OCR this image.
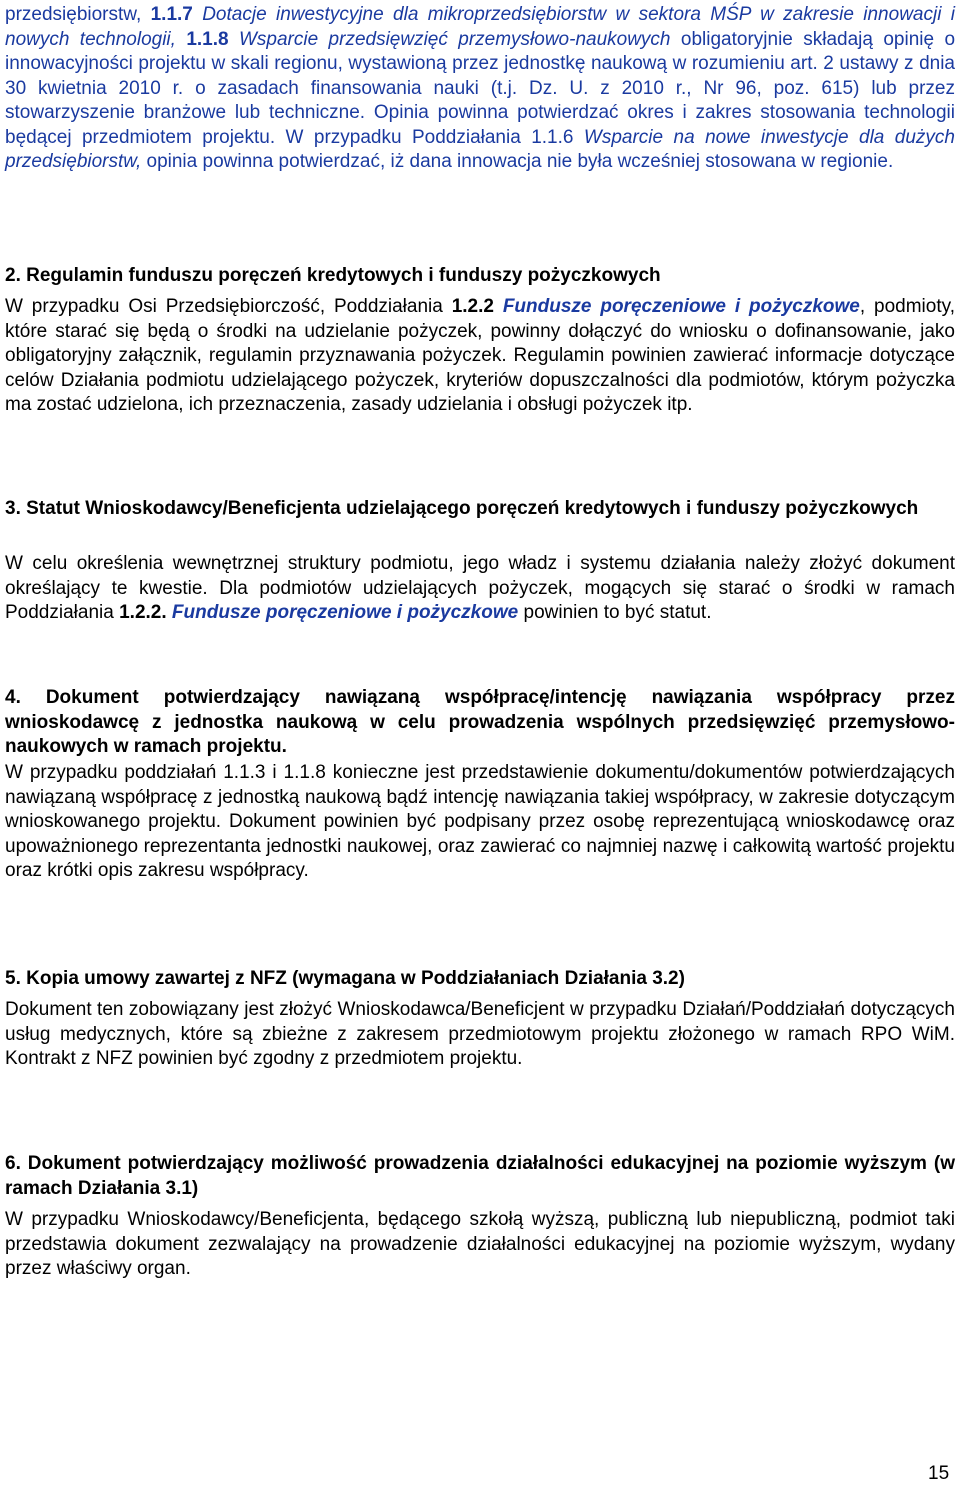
przedsiębiorstw, 1.1.7 Dotacje inwestycyjne dla mikroprzedsiębiorstw w sektora MŚP w zakresie innowacji i nowych technologii, 1.1.8 Wsparcie przedsięwzięć przemysłowo-naukowych obligatoryjnie składają opinię o innowacyjności projektu w skali regionu, wystawioną przez jednostkę naukową w rozumieniu art. 2 ustawy z dnia 30 kwietnia 2010 r. o zasadach finansowania nauki (t.j. Dz. U. z 2010 r., Nr 96, poz. 615) lub przez stowarzyszenie branżowe lub techniczne. Opinia powinna potwierdzać okres i zakres stosowania technologii będącej przedmiotem projektu. W przypadku Poddziałania 1.1.6 Wsparcie na nowe inwestycje dla dużych przedsiębiorstw, opinia powinna potwierdzać, iż dana innowacja nie była wcześniej stosowana w regionie.

2. Regulamin funduszu poręczeń kredytowych i funduszy pożyczkowych

W przypadku Osi Przedsiębiorczość, Poddziałania 1.2.2 Fundusze poręczeniowe i pożyczkowe, podmioty, które starać się będą o środki na udzielanie pożyczek, powinny dołączyć do wniosku o dofinansowanie, jako obligatoryjny załącznik, regulamin przyznawania pożyczek. Regulamin powinien zawierać informacje dotyczące celów Działania podmiotu udzielającego pożyczek, kryteriów dopuszczalności dla podmiotów, którym pożyczka ma zostać udzielona, ich przeznaczenia, zasady udzielania i obsługi pożyczek itp.

3. Statut Wnioskodawcy/Beneficjenta udzielającego poręczeń kredytowych i funduszy pożyczkowych

W celu określenia wewnętrznej struktury podmiotu, jego władz i systemu działania należy złożyć dokument określający te kwestie. Dla podmiotów udzielających pożyczek, mogących się starać o środki w ramach Poddziałania 1.2.2. Fundusze poręczeniowe i pożyczkowe powinien to być statut.

4. Dokument potwierdzający nawiązaną współpracę/intencję nawiązania współpracy przez wnioskodawcę z jednostka naukową w celu prowadzenia wspólnych przedsięwzięć przemysłowo-naukowych w ramach projektu.

W przypadku poddziałań 1.1.3 i 1.1.8 konieczne jest przedstawienie dokumentu/dokumentów potwierdzających nawiązaną współpracę z jednostką naukową bądź intencję nawiązania takiej współpracy, w zakresie dotyczącym wnioskowanego projektu. Dokument powinien być podpisany przez osobę reprezentującą wnioskodawcę oraz upoważnionego reprezentanta jednostki naukowej, oraz zawierać co najmniej nazwę i całkowitą wartość projektu oraz krótki opis zakresu współpracy.

5. Kopia umowy zawartej z NFZ (wymagana w Poddziałaniach Działania 3.2)

Dokument ten zobowiązany jest złożyć Wnioskodawca/Beneficjent w przypadku Działań/Poddziałań dotyczących usług medycznych, które są zbieżne z zakresem przedmiotowym projektu złożonego w ramach RPO WiM. Kontrakt z NFZ powinien być zgodny z przedmiotem projektu.

6. Dokument potwierdzający możliwość prowadzenia działalności edukacyjnej na poziomie wyższym (w ramach Działania 3.1)

W przypadku Wnioskodawcy/Beneficjenta, będącego szkołą wyższą, publiczną lub niepubliczną, podmiot taki przedstawia dokument zezwalający na prowadzenie działalności edukacyjnej na poziomie wyższym, wydany przez właściwy organ.

15
